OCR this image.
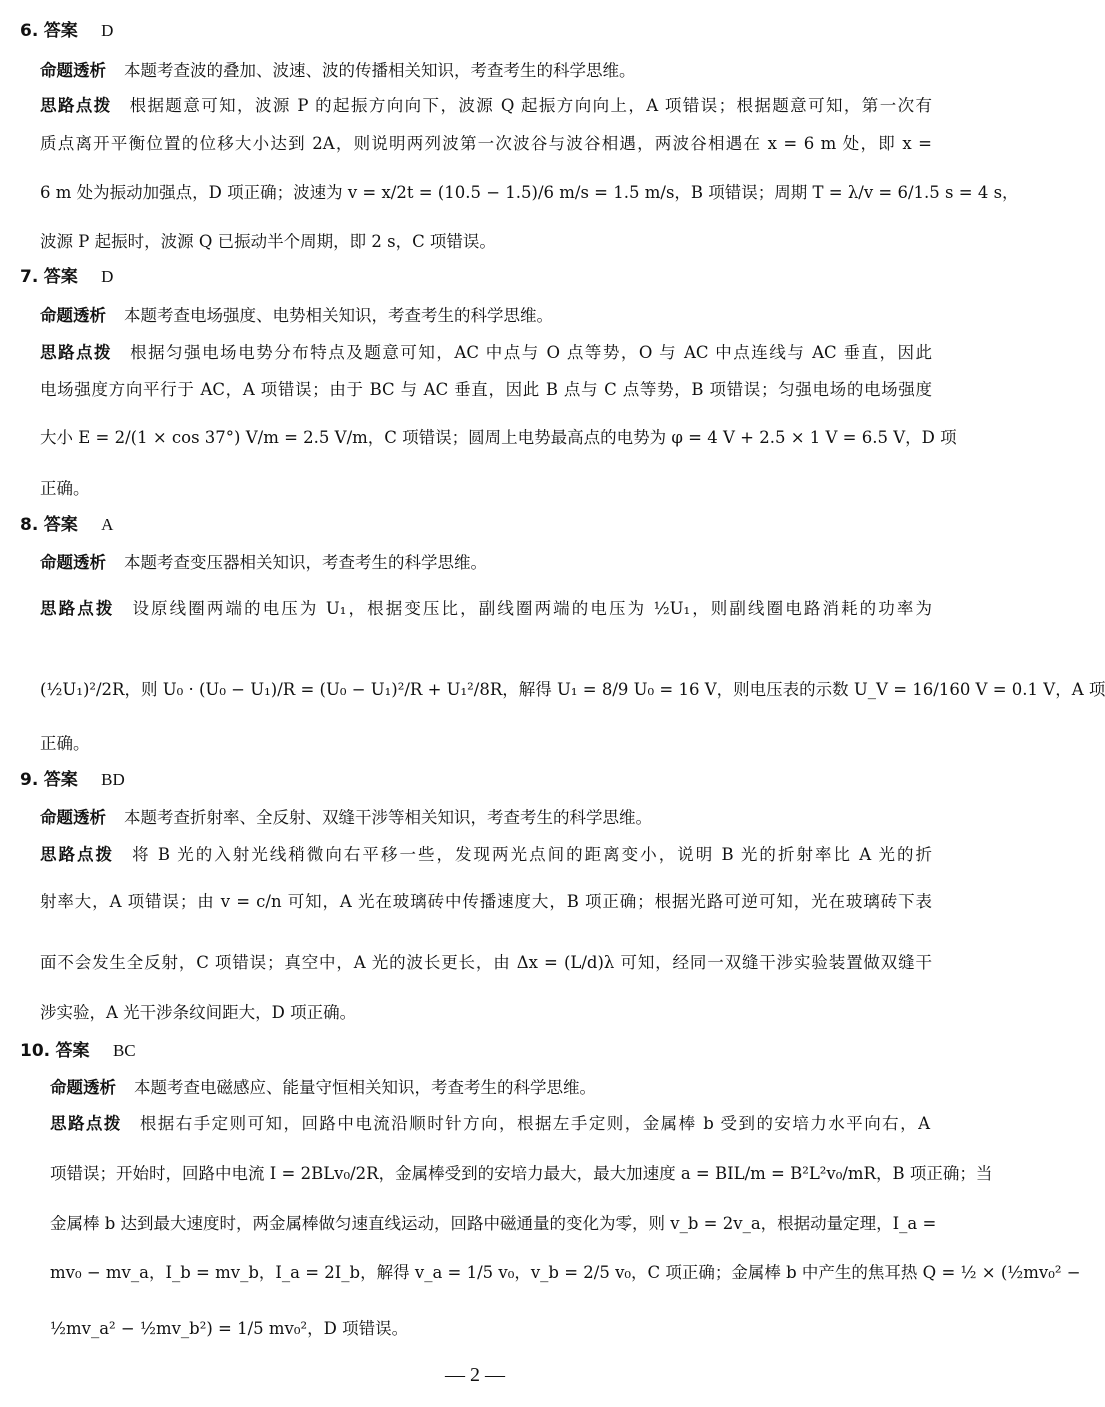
6. 答案 D
命题透析 本题考查波的叠加、波速、波的传播相关知识，考查考生的科学思维。
思路点拨 根据题意可知，波源 P 的起振方向向下，波源 Q 起振方向向上，A 项错误；根据题意可知，第一次有
质点离开平衡位置的位移大小达到 2A，则说明两列波第一次波谷与波谷相遇，两波谷相遇在 x = 6 m 处，即 x =
6 m 处为振动加强点，D 项正确；波速为 v = x/2t = (10.5 − 1.5)/6 m/s = 1.5 m/s，B 项错误；周期 T = λ/v = 6/1.5 s = 4 s，
波源 P 起振时，波源 Q 已振动半个周期，即 2 s，C 项错误。
7. 答案 D
命题透析 本题考查电场强度、电势相关知识，考查考生的科学思维。
思路点拨 根据匀强电场电势分布特点及题意可知，AC 中点与 O 点等势，O 与 AC 中点连线与 AC 垂直，因此
电场强度方向平行于 AC，A 项错误；由于 BC 与 AC 垂直，因此 B 点与 C 点等势，B 项错误；匀强电场的电场强度
大小 E = 2/(1 × cos 37°) V/m = 2.5 V/m，C 项错误；圆周上电势最高点的电势为 φ = 4 V + 2.5 × 1 V = 6.5 V，D 项
正确。
8. 答案 A
命题透析 本题考查变压器相关知识，考查考生的科学思维。
思路点拨 设原线圈两端的电压为 U₁，根据变压比，副线圈两端的电压为 ½U₁，则副线圈电路消耗的功率为
(½U₁)²/2R，则 U₀ · (U₀ − U₁)/R = (U₀ − U₁)²/R + U₁²/8R，解得 U₁ = 8/9 U₀ = 16 V，则电压表的示数 U_V = 16/160 V = 0.1 V，A 项
正确。
9. 答案 BD
命题透析 本题考查折射率、全反射、双缝干涉等相关知识，考查考生的科学思维。
思路点拨 将 B 光的入射光线稍微向右平移一些，发现两光点间的距离变小，说明 B 光的折射率比 A 光的折
射率大，A 项错误；由 v = c/n 可知，A 光在玻璃砖中传播速度大，B 项正确；根据光路可逆可知，光在玻璃砖下表
面不会发生全反射，C 项错误；真空中，A 光的波长更长，由 Δx = (L/d)λ 可知，经同一双缝干涉实验装置做双缝干
涉实验，A 光干涉条纹间距大，D 项正确。
10. 答案 BC
命题透析 本题考查电磁感应、能量守恒相关知识，考查考生的科学思维。
思路点拨 根据右手定则可知，回路中电流沿顺时针方向，根据左手定则，金属棒 b 受到的安培力水平向右，A
项错误；开始时，回路中电流 I = 2BLv₀/2R，金属棒受到的安培力最大，最大加速度 a = BIL/m = B²L²v₀/mR，B 项正确；当
金属棒 b 达到最大速度时，两金属棒做匀速直线运动，回路中磁通量的变化为零，则 v_b = 2v_a，根据动量定理，I_a =
mv₀ − mv_a，I_b = mv_b，I_a = 2I_b，解得 v_a = 1/5 v₀，v_b = 2/5 v₀，C 项正确；金属棒 b 中产生的焦耳热 Q = ½ × (½mv₀² −
½mv_a² − ½mv_b²) = 1/5 mv₀²，D 项错误。
— 2 —
